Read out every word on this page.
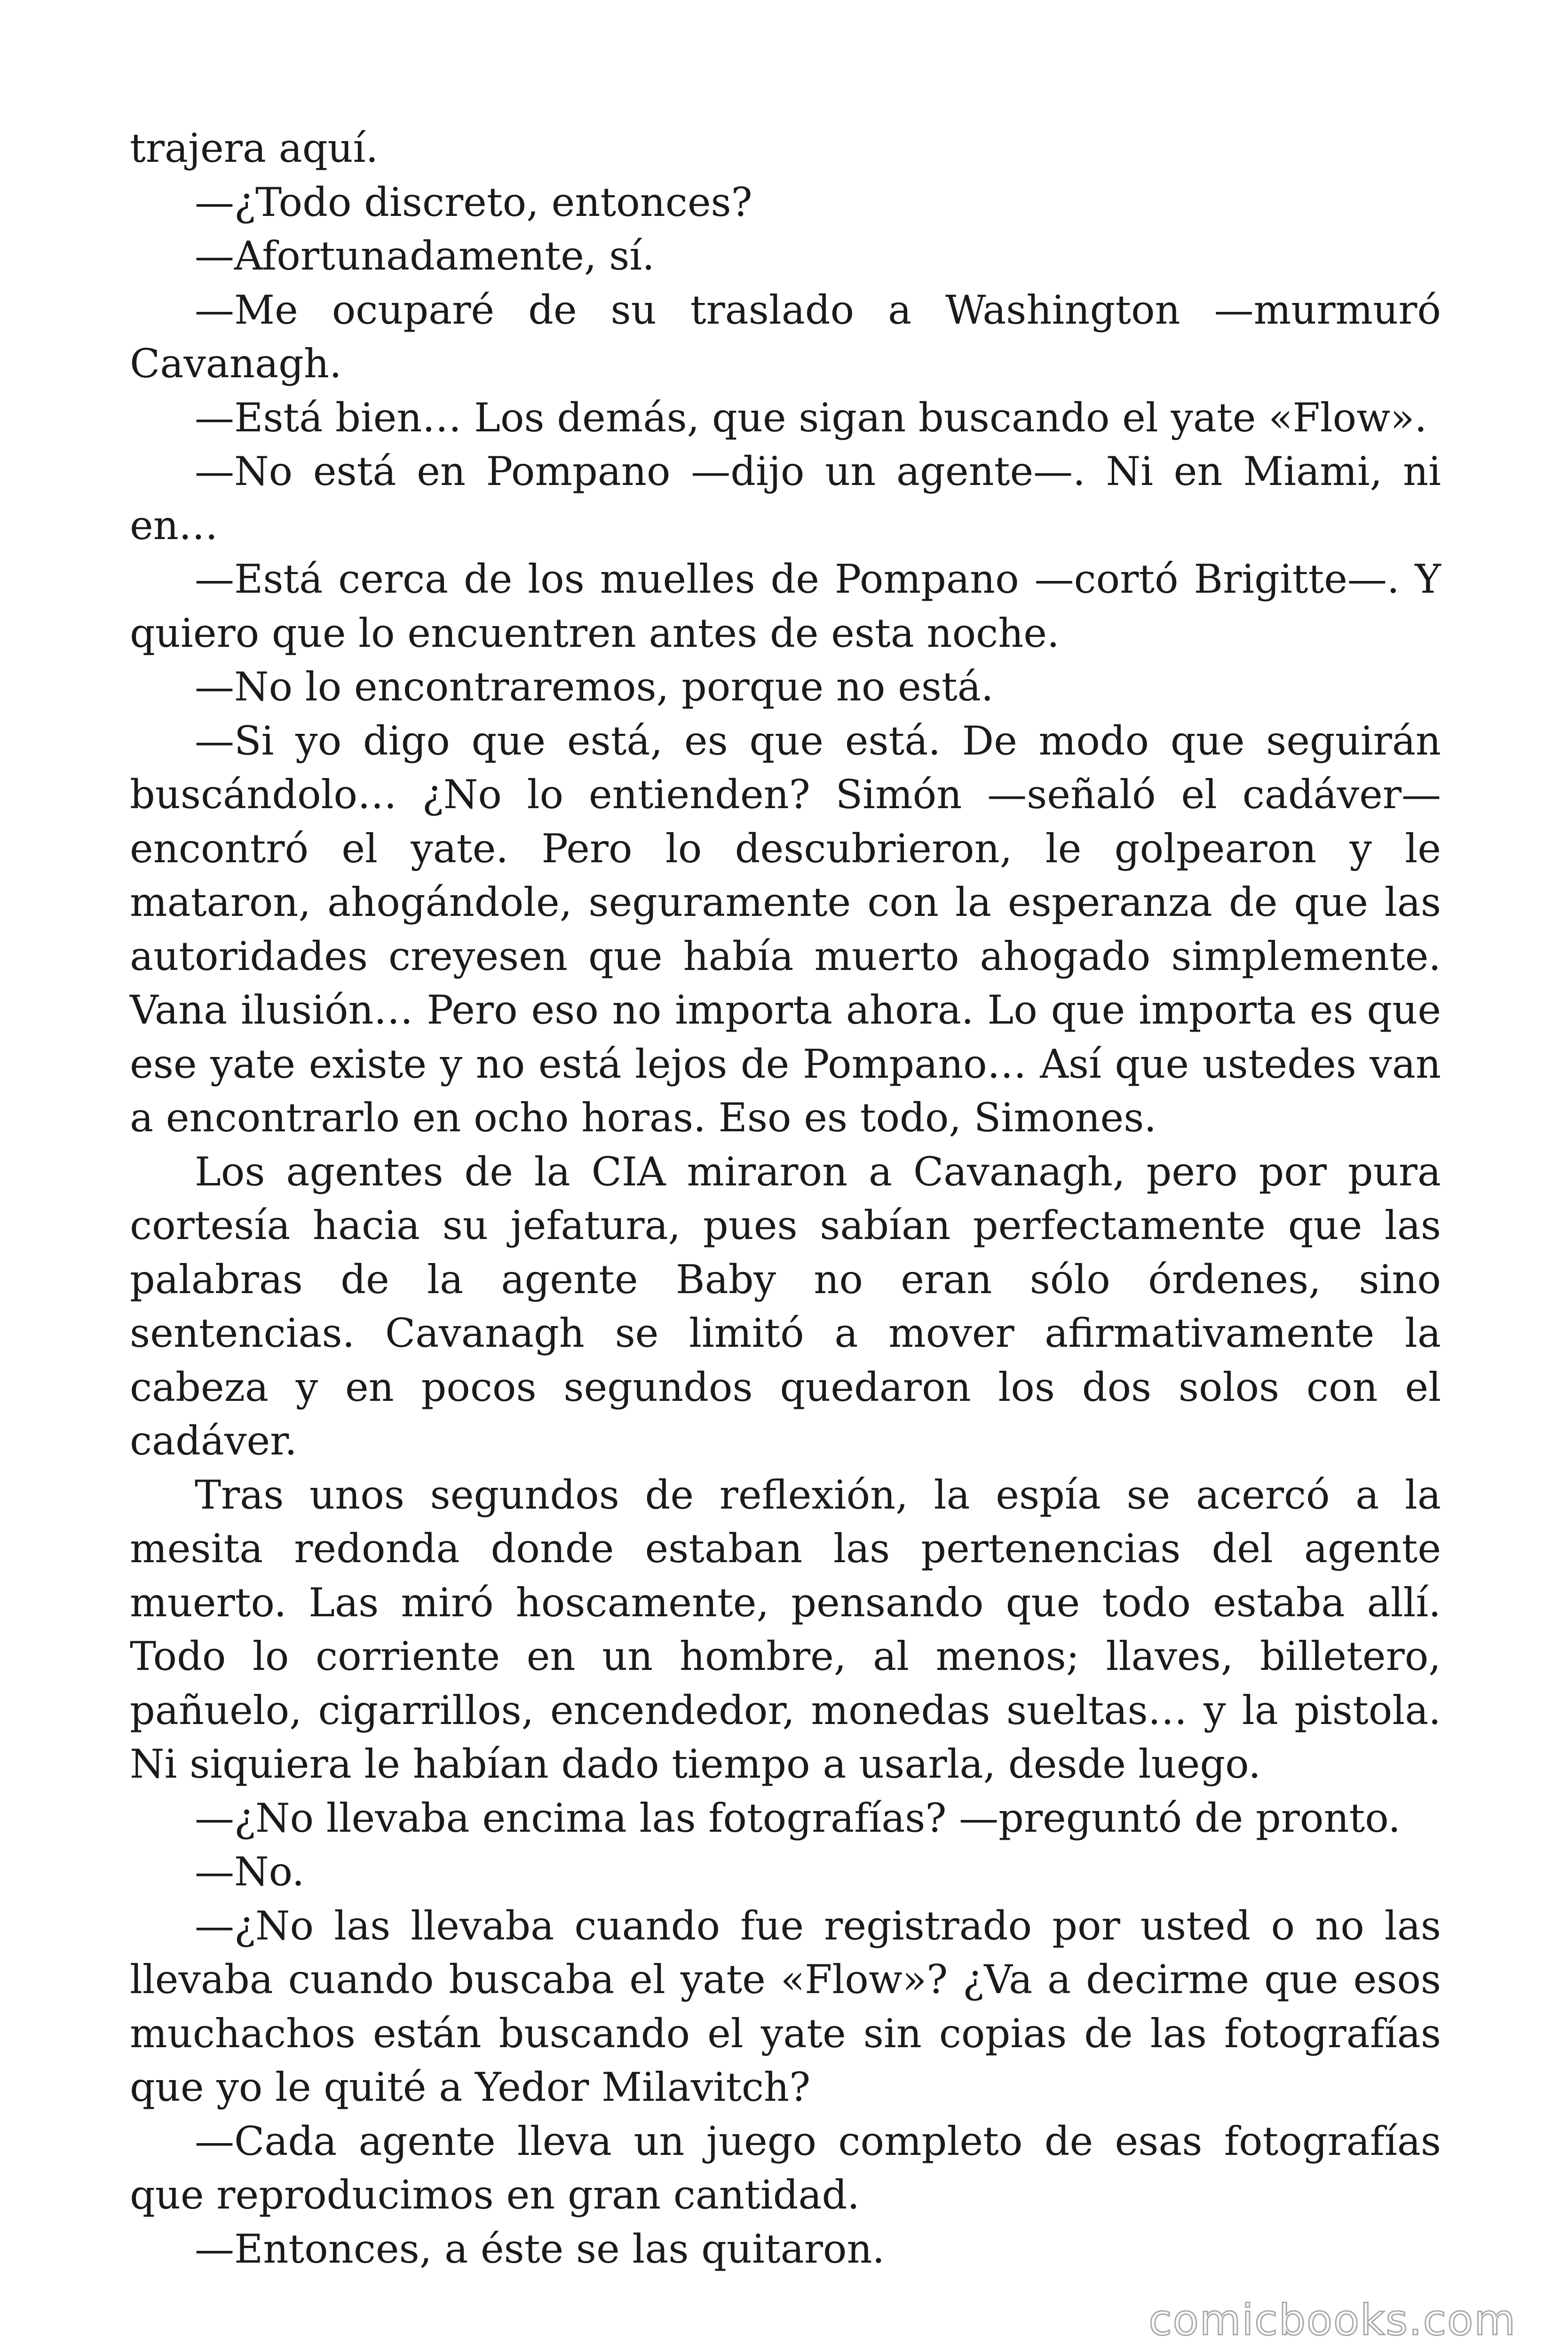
trajera aquí.

—¿Todo discreto, entonces?

—Afortunadamente, sí.

—Me ocuparé de su traslado a Washington —murmuró Cavanagh.

—Está bien… Los demás, que sigan buscando el yate «Flow».

—No está en Pompano —dijo un agente—. Ni en Miami, ni en…

—Está cerca de los muelles de Pompano —cortó Brigitte—. Y quiero que lo encuentren antes de esta noche.

—No lo encontraremos, porque no está.

—Si yo digo que está, es que está. De modo que seguirán buscándolo… ¿No lo entienden? Simón —señaló el cadáver— encontró el yate. Pero lo descubrieron, le golpearon y le mataron, ahogándole, seguramente con la esperanza de que las autoridades creyesen que había muerto ahogado simplemente. Vana ilusión… Pero eso no importa ahora. Lo que importa es que ese yate existe y no está lejos de Pompano… Así que ustedes van a encontrarlo en ocho horas. Eso es todo, Simones.

Los agentes de la CIA miraron a Cavanagh, pero por pura cortesía hacia su jefatura, pues sabían perfectamente que las palabras de la agente Baby no eran sólo órdenes, sino sentencias. Cavanagh se limitó a mover afirmativamente la cabeza y en pocos segundos quedaron los dos solos con el cadáver.

Tras unos segundos de reflexión, la espía se acercó a la mesita redonda donde estaban las pertenencias del agente muerto. Las miró hoscamente, pensando que todo estaba allí. Todo lo corriente en un hombre, al menos; llaves, billetero, pañuelo, cigarrillos, encendedor, monedas sueltas… y la pistola. Ni siquiera le habían dado tiempo a usarla, desde luego.

—¿No llevaba encima las fotografías? —preguntó de pronto.

—No.

—¿No las llevaba cuando fue registrado por usted o no las llevaba cuando buscaba el yate «Flow»? ¿Va a decirme que esos muchachos están buscando el yate sin copias de las fotografías que yo le quité a Yedor Milavitch?

—Cada agente lleva un juego completo de esas fotografías que reproducimos en gran cantidad.

—Entonces, a éste se las quitaron.

comicbooks.com
